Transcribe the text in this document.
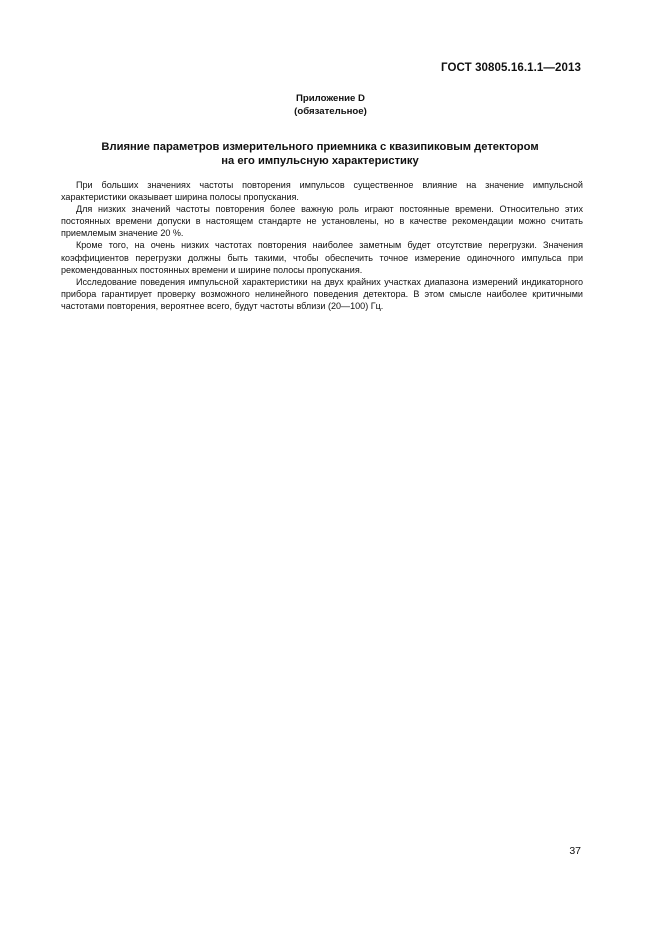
ГОСТ 30805.16.1.1—2013
Приложение D
(обязательное)
Влияние параметров измерительного приемника с квазипиковым детектором
на его импульсную характеристику

При больших значениях частоты повторения импульсов существенное влияние на значение импульсной характеристики оказывает ширина полосы пропускания.

Для низких значений частоты повторения более важную роль играют постоянные времени. Относительно этих постоянных времени допуски в настоящем стандарте не установлены, но в качестве рекомендации можно считать приемлемым значение 20 %.

Кроме того, на очень низких частотах повторения наиболее заметным будет отсутствие перегрузки. Значения коэффициентов перегрузки должны быть такими, чтобы обеспечить точное измерение одиночного импульса при рекомендованных постоянных времени и ширине полосы пропускания.

Исследование поведения импульсной характеристики на двух крайних участках диапазона измерений индикаторного прибора гарантирует проверку возможного нелинейного поведения детектора. В этом смысле наиболее критичными частотами повторения, вероятнее всего, будут частоты вблизи (20—100) Гц.

37
